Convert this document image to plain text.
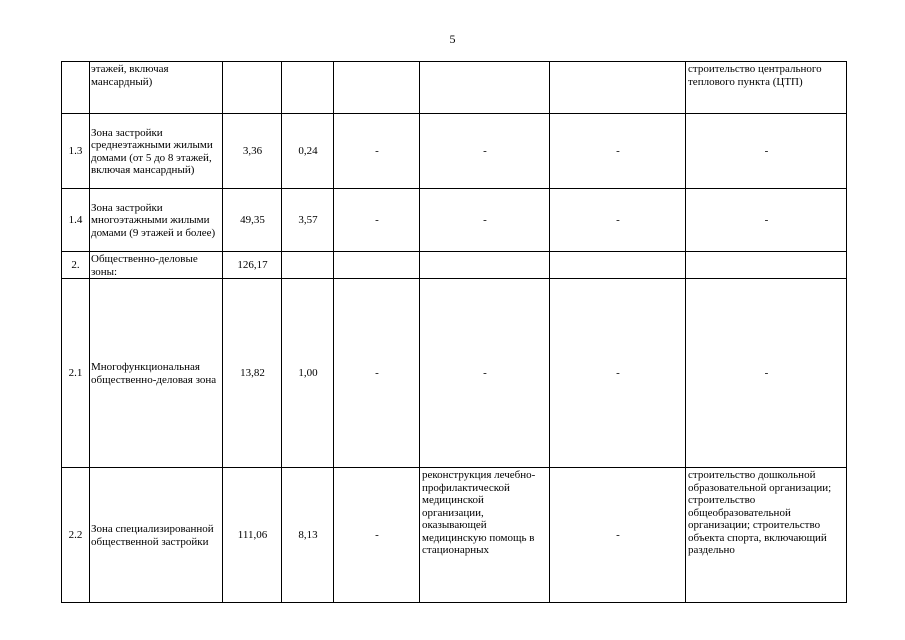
5
	этажей, включая мансардный)						строительство центрального теплового пункта (ЦТП)
1.3	Зона застройки среднеэтажными жилыми домами (от 5 до 8 этажей, включая мансардный)	3,36	0,24	-	-	-	-
1.4	Зона застройки многоэтажными жилыми домами (9 этажей и более)	49,35	3,57	-	-	-	-
2.	Общественно-деловые зоны:	126,17					
2.1	Многофункциональная общественно-деловая зона	13,82	1,00	-	-	-	-
2.2	Зона специализированной общественной застройки	111,06	8,13	-	реконструкция лечебно-профилактической медицинской организации, оказывающей медицинскую помощь в стационарных	-	строительство дошкольной образовательной организации; строительство общеобразовательной организации; строительство объекта спорта, включающий раздельно
